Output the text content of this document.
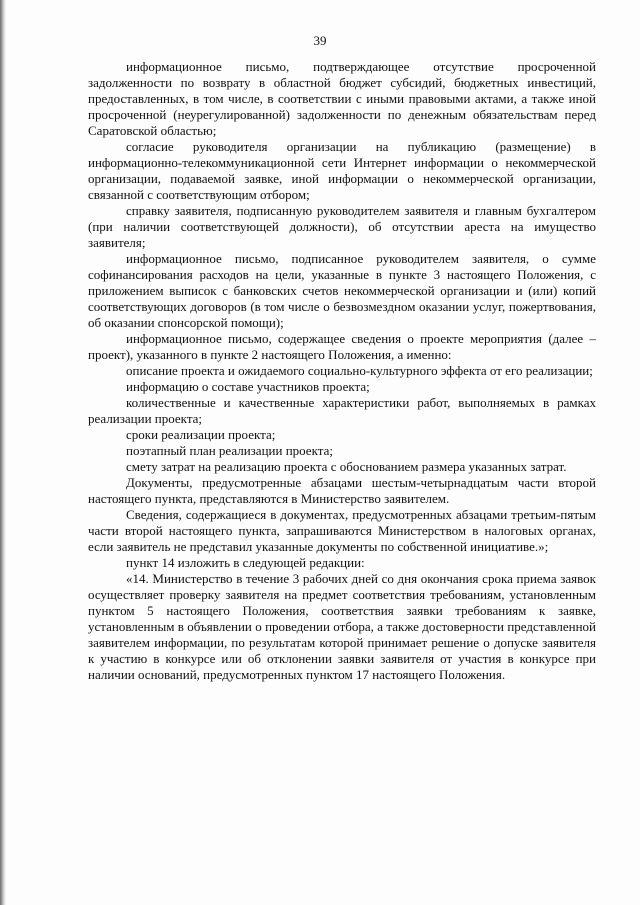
39

информационное письмо, подтверждающее отсутствие просроченной задолженности по возврату в областной бюджет субсидий, бюджетных инвестиций, предоставленных, в том числе, в соответствии с иными правовыми актами, а также иной просроченной (неурегулированной) задолженности по денежным обязательствам перед Саратовской областью;

согласие руководителя организации на публикацию (размещение) в информационно-телекоммуникационной сети Интернет информации о некоммерческой организации, подаваемой заявке, иной информации о некоммерческой организации, связанной с соответствующим отбором;

справку заявителя, подписанную руководителем заявителя и главным бухгалтером (при наличии соответствующей должности), об отсутствии ареста на имущество заявителя;

информационное письмо, подписанное руководителем заявителя, о сумме софинансирования расходов на цели, указанные в пункте 3 настоящего Положения, с приложением выписок с банковских счетов некоммерческой организации и (или) копий соответствующих договоров (в том числе о безвозмездном оказании услуг, пожертвования, об оказании спонсорской помощи);

информационное письмо, содержащее сведения о проекте мероприятия (далее – проект), указанного в пункте 2 настоящего Положения, а именно:

описание проекта и ожидаемого социально-культурного эффекта от его реализации;

информацию о составе участников проекта;

количественные и качественные характеристики работ, выполняемых в рамках реализации проекта;

сроки реализации проекта;

поэтапный план реализации проекта;

смету затрат на реализацию проекта с обоснованием размера указанных затрат.

Документы, предусмотренные абзацами шестым-четырнадцатым части второй настоящего пункта, представляются в Министерство заявителем.

Сведения, содержащиеся в документах, предусмотренных абзацами третьим-пятым части второй настоящего пункта, запрашиваются Министерством в налоговых органах, если заявитель не представил указанные документы по собственной инициативе.»;

пункт 14 изложить в следующей редакции:

«14. Министерство в течение 3 рабочих дней со дня окончания срока приема заявок осуществляет проверку заявителя на предмет соответствия требованиям, установленным пунктом 5 настоящего Положения, соответствия заявки требованиям к заявке, установленным в объявлении о проведении отбора, а также достоверности представленной заявителем информации, по результатам которой принимает решение о допуске заявителя к участию в конкурсе или об отклонении заявки заявителя от участия в конкурсе при наличии оснований, предусмотренных пунктом 17 настоящего Положения.
